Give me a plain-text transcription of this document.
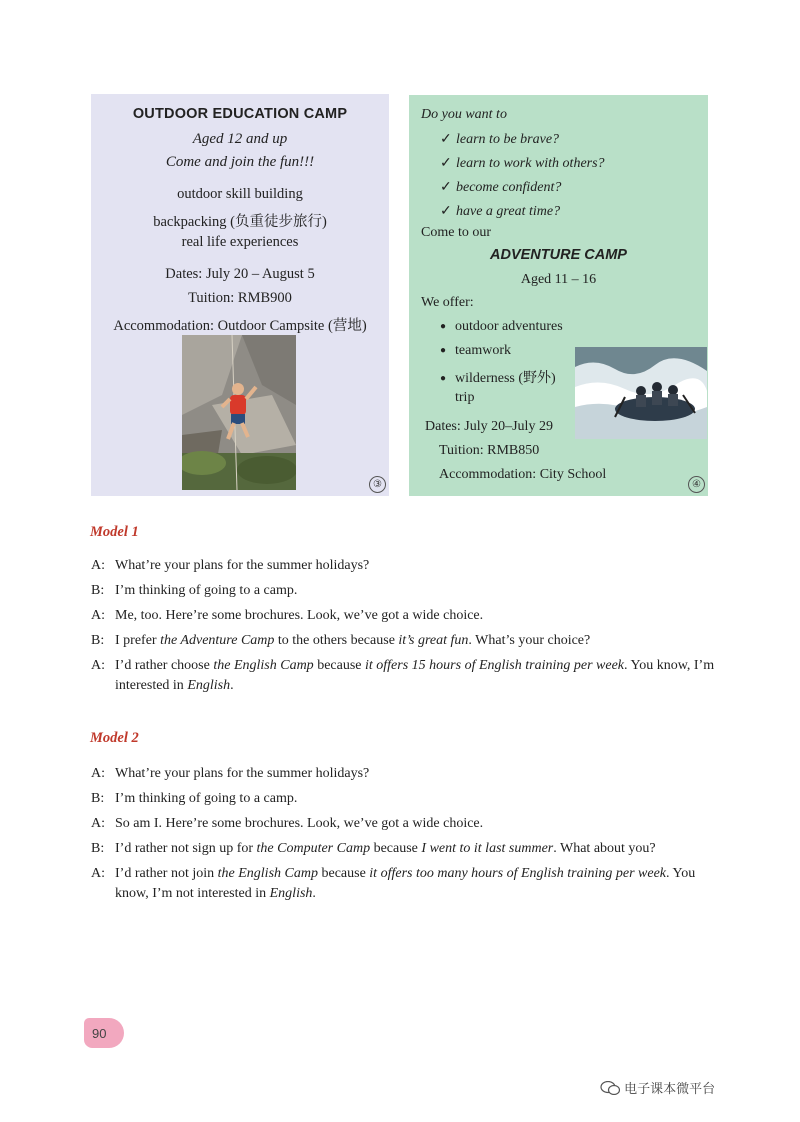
OUTDOOR EDUCATION CAMP
Aged 12 and up
Come and join the fun!!!
outdoor skill building
backpacking (负重徒步旅行)
real life experiences
Dates: July 20 – August 5
Tuition: RMB900
Accommodation: Outdoor Campsite (营地)
③
Do you want to
✓ learn to be brave?
✓ learn to work with others?
✓ become confident?
✓ have a great time?
Come to our
ADVENTURE CAMP
Aged 11 – 16
We offer:
● outdoor adventures
● teamwork
● wilderness (野外)
trip
Dates: July 20–July 29
Tuition: RMB850
Accommodation: City School
④
Model 1
A: What’re your plans for the summer holidays?
B: I’m thinking of going to a camp.
A: Me, too. Here’re some brochures. Look, we’ve got a wide choice.
B: I prefer the Adventure Camp to the others because it’s great fun. What’s your choice?
A: I’d rather choose the English Camp because it offers 15 hours of English training per week. You know, I’m interested in English.
Model 2
A: What’re your plans for the summer holidays?
B: I’m thinking of going to a camp.
A: So am I. Here’re some brochures. Look, we’ve got a wide choice.
B: I’d rather not sign up for the Computer Camp because I went to it last summer. What about you?
A: I’d rather not join the English Camp because it offers too many hours of English training per week. You know, I’m not interested in English.
90
电子课本微平台
